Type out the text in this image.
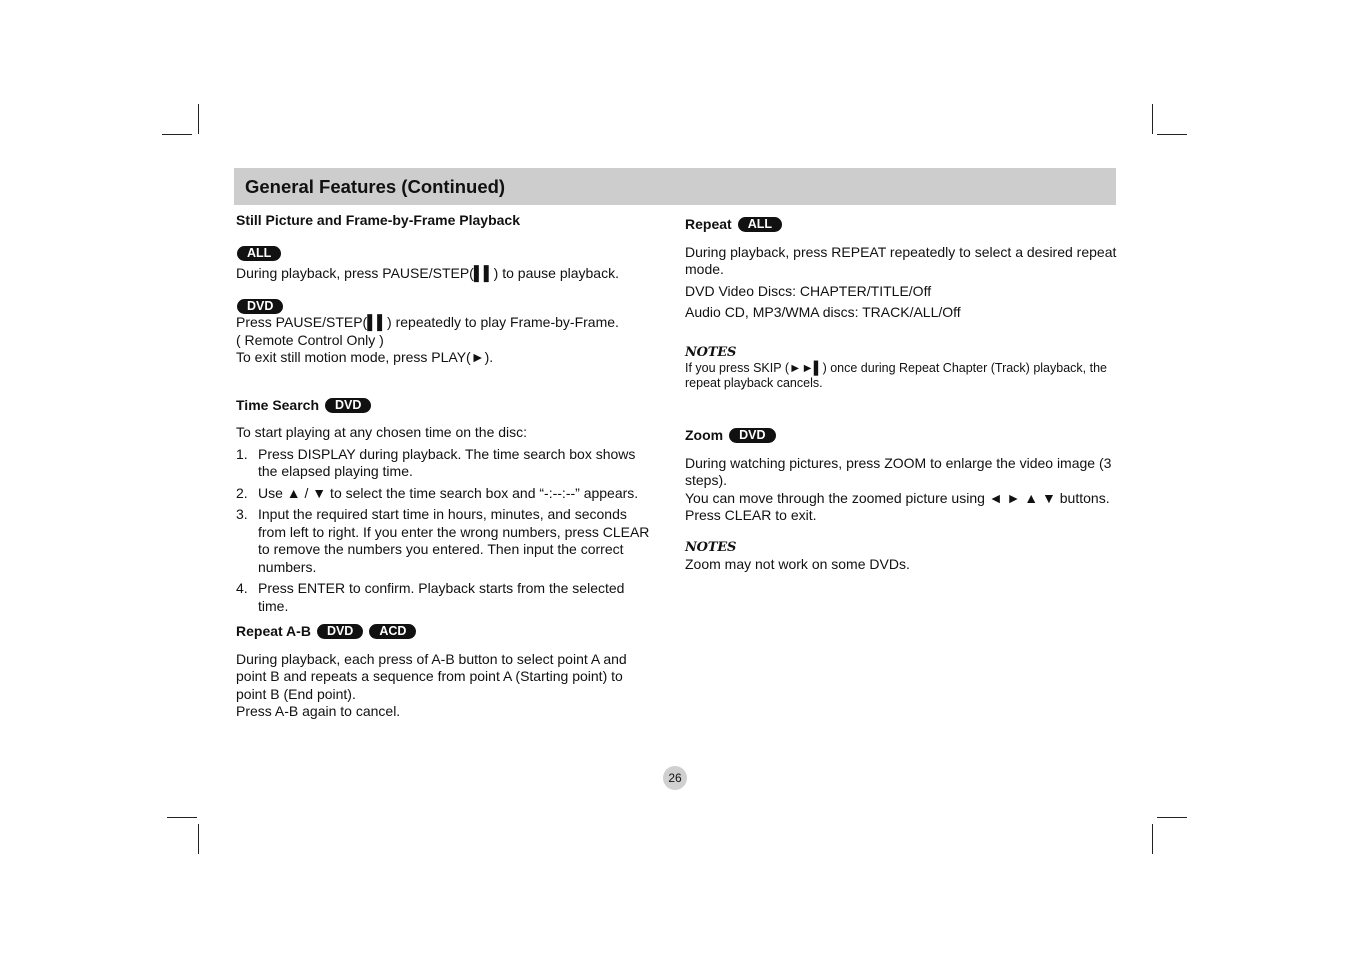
General Features (Continued)
Still Picture and Frame-by-Frame Playback
ALL

During playback, press PAUSE/STEP(▌▌) to pause playback.

DVD

Press PAUSE/STEP(▌▌) repeatedly to play Frame-by-Frame.

( Remote Control Only )

To exit still motion mode, press PLAY(►).

Time Search	DVD

To start playing at any chosen time on the disc:

1. Press DISPLAY during playback. The time search box shows the elapsed playing time.
2. Use ▲ / ▼ to select the time search box and “-:--:--” appears.
3. Input the required start time in hours, minutes, and seconds from left to right. If you enter the wrong numbers, press CLEAR to remove the numbers you entered. Then input the correct numbers.
4. Press ENTER to confirm. Playback starts from the selected time.
Repeat A-B	DVD	ACD

During playback, each press of A-B button to select point A and point B and repeats a sequence from point A (Starting point) to point B (End point).

Press A-B again to cancel.

Repeat	ALL

During playback, press REPEAT repeatedly to select a desired repeat mode.

DVD Video Discs: CHAPTER/TITLE/Off

Audio CD, MP3/WMA discs: TRACK/ALL/Off

NOTES

If you press SKIP (►►▌) once during Repeat Chapter (Track) playback, the repeat playback cancels.

Zoom	DVD

During watching pictures, press ZOOM to enlarge the video image (3 steps).

You can move through the zoomed picture using ◄ ► ▲ ▼ buttons.

Press CLEAR to exit.

NOTES

Zoom may not work on some DVDs.

26
